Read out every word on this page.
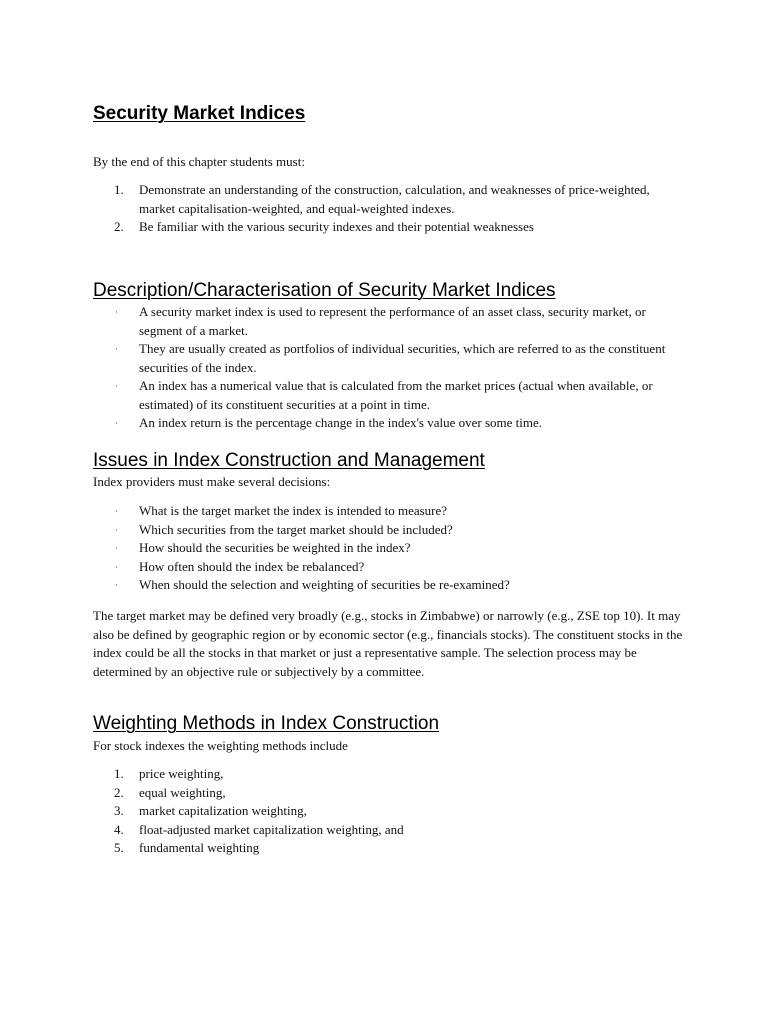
Security Market Indices

By the end of this chapter students must:

1. Demonstrate an understanding of the construction, calculation, and weaknesses of price-weighted, market capitalisation-weighted, and equal-weighted indexes.
2. Be familiar with the various security indexes and their potential weaknesses
Description/Characterisation of Security Market Indices
· A security market index is used to represent the performance of an asset class, security market, or segment of a market.
· They are usually created as portfolios of individual securities, which are referred to as the constituent securities of the index.
· An index has a numerical value that is calculated from the market prices (actual when available, or estimated) of its constituent securities at a point in time.
· An index return is the percentage change in the index's value over some time.
Issues in Index Construction and Management

Index providers must make several decisions:

· What is the target market the index is intended to measure?
· Which securities from the target market should be included?
· How should the securities be weighted in the index?
· How often should the index be rebalanced?
· When should the selection and weighting of securities be re-examined?

The target market may be defined very broadly (e.g., stocks in Zimbabwe) or narrowly (e.g., ZSE top 10). It may also be defined by geographic region or by economic sector (e.g., financials stocks). The constituent stocks in the index could be all the stocks in that market or just a representative sample. The selection process may be determined by an objective rule or subjectively by a committee.

Weighting Methods in Index Construction

For stock indexes the weighting methods include

1. price weighting,
2. equal weighting,
3. market capitalization weighting,
4. float-adjusted market capitalization weighting, and
5. fundamental weighting
